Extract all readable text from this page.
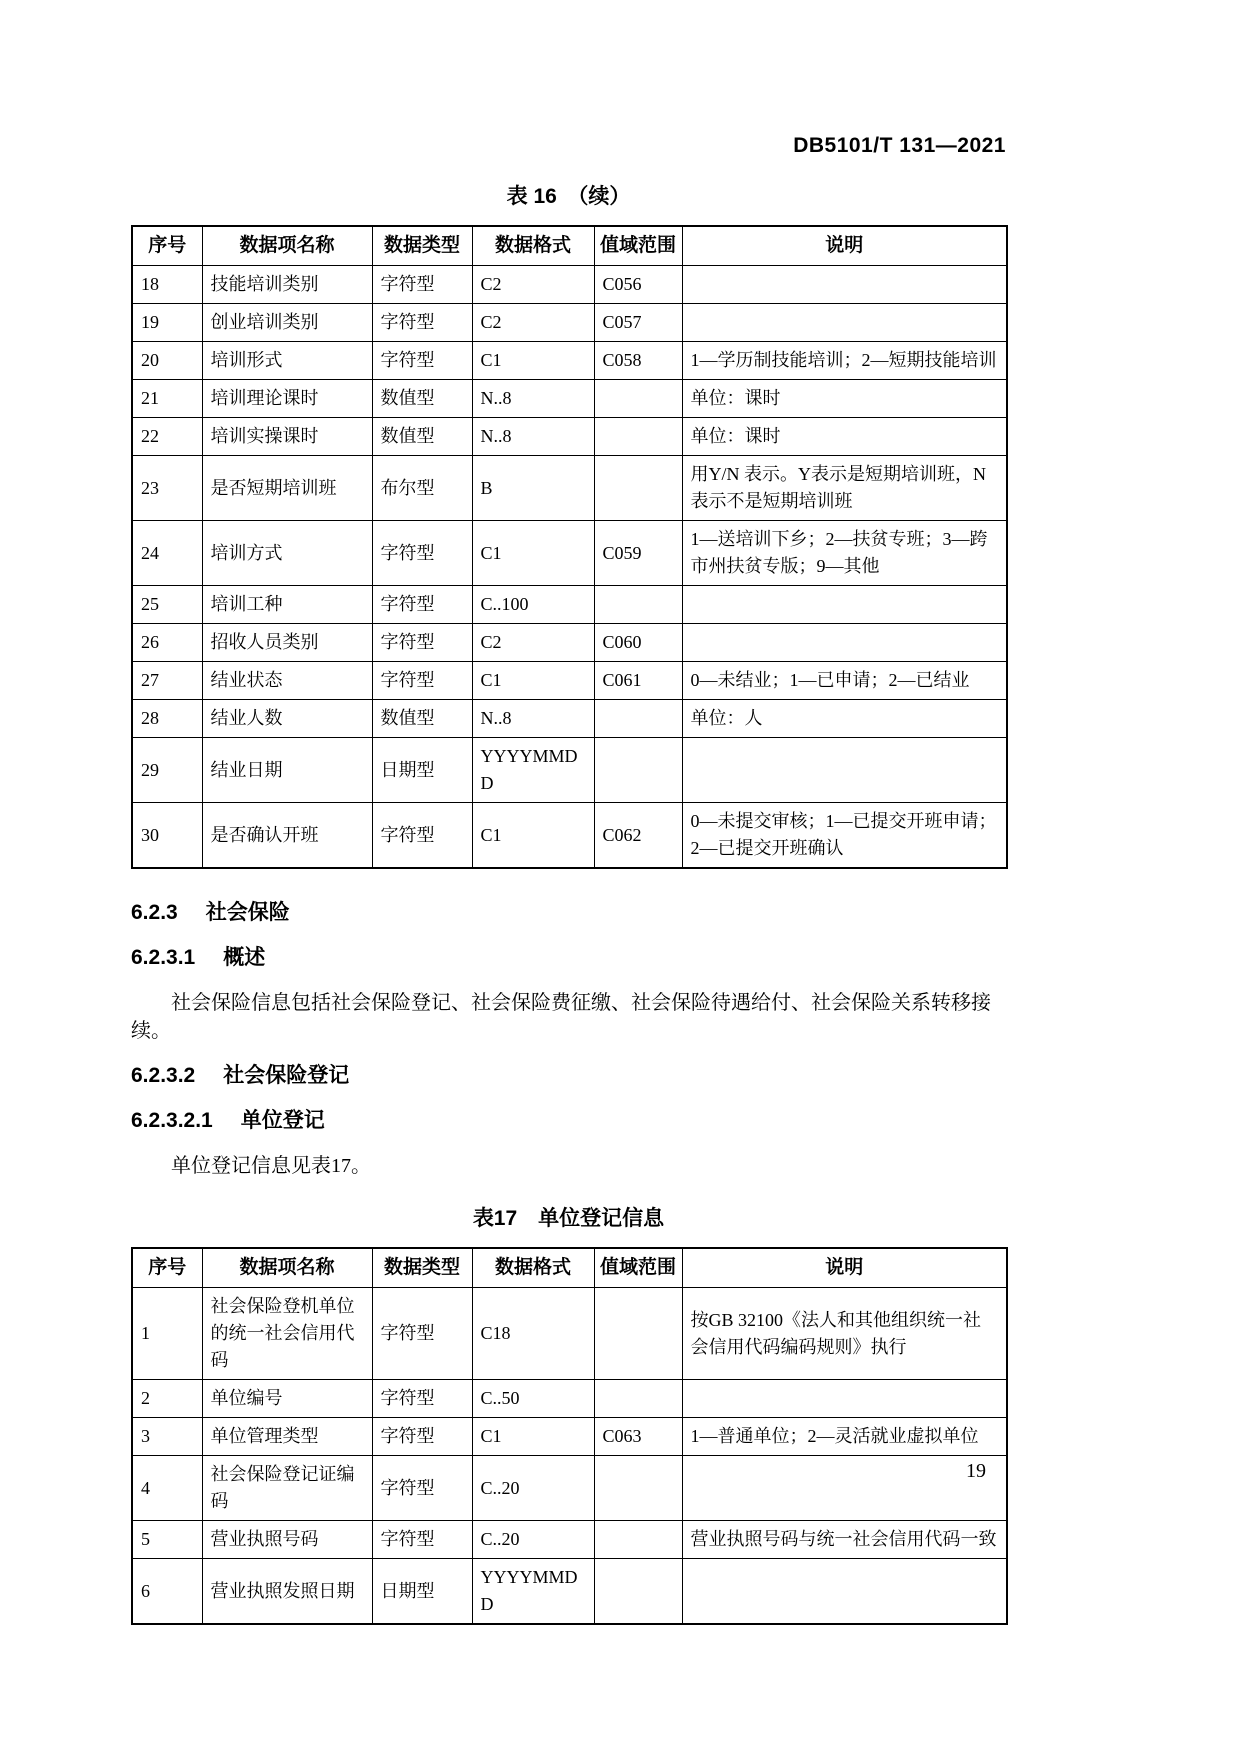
DB5101/T 131—2021
表 16　（续）
序号	数据项名称	数据类型	数据格式	值域范围	说明
18	技能培训类别	字符型	C2	C056	
19	创业培训类别	字符型	C2	C057	
20	培训形式	字符型	C1	C058	1—学历制技能培训；2—短期技能培训
21	培训理论课时	数值型	N..8		单位：课时
22	培训实操课时	数值型	N..8		单位：课时
23	是否短期培训班	布尔型	B		用Y/N 表示。Y表示是短期培训班，N表示不是短期培训班
24	培训方式	字符型	C1	C059	1—送培训下乡；2—扶贫专班；3—跨市州扶贫专版；9—其他
25	培训工种	字符型	C..100		
26	招收人员类别	字符型	C2	C060	
27	结业状态	字符型	C1	C061	0—未结业；1—已申请；2—已结业
28	结业人数	数值型	N..8		单位：人
29	结业日期	日期型	YYYYMMDD		
30	是否确认开班	字符型	C1	C062	0—未提交审核；1—已提交开班申请；2—已提交开班确认
6.2.3 社会保险
6.2.3.1 概述

社会保险信息包括社会保险登记、社会保险费征缴、社会保险待遇给付、社会保险关系转移接续。

6.2.3.2 社会保险登记
6.2.3.2.1 单位登记

单位登记信息见表17。

表17　单位登记信息
序号	数据项名称	数据类型	数据格式	值域范围	说明
1	社会保险登机单位的统一社会信用代码	字符型	C18		按GB 32100《法人和其他组织统一社会信用代码编码规则》执行
2	单位编号	字符型	C..50		
3	单位管理类型	字符型	C1	C063	1—普通单位；2—灵活就业虚拟单位
4	社会保险登记证编码	字符型	C..20		
5	营业执照号码	字符型	C..20		营业执照号码与统一社会信用代码一致
6	营业执照发照日期	日期型	YYYYMMDD		
19
